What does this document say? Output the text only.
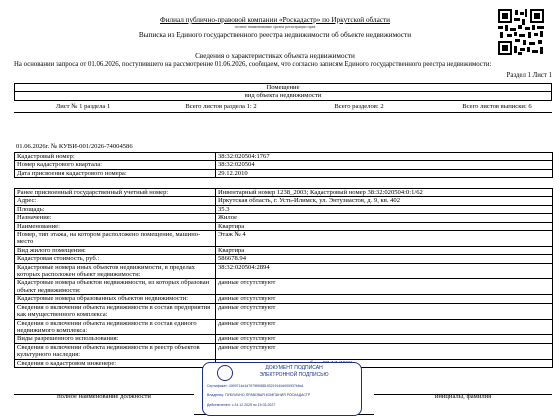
Филиал публично-правовой компании «Роскадастр» по Иркутской области
полное наименование органа регистрации прав
Выписка из Единого государственного реестра недвижимости об объекте недвижимости
Сведения о характеристиках объекта недвижимости
На основании запроса от 01.06.2026, поступившего на рассмотрение 01.06.2026, сообщаем, что согласно записям Единого государственного реестра недвижимости:
Раздел 1 Лист 1
Помещение
вид объекта недвижимости
Лист № 1 раздела 1	Всего листов раздела 1: 2	Всего разделов: 2	Всего листов выписки: 6
01.06.2026г. № КУВИ-001/2026-74004586
Кадастровый номер:	38:32:020504:1767
Номер кадастрового квартала:	38:32:020504
Дата присвоения кадастрового номера:	29.12.2010
Ранее присвоенный государственный учетный номер:	Инвентарный номер 1238_2003; Кадастровый номер 38:32:020504:0:1/62
Адрес:	Иркутская область, г. Усть-Илимск, ул. Энтузиастов, д. 9, кв. 402
Площадь:	35.3
Назначение:	Жилое
Наименование:	Квартира
Номер, тип этажа, на котором расположено помещение, машино-место	Этаж № 4
Вид жилого помещения:	Квартира
Кадастровая стоимость, руб.:	586678.94
Кадастровые номера иных объектов недвижимости, в пределах которых расположен объект недвижимости:	38:32:020504:2894
Кадастровые номера объектов недвижимости, из которых образован объект недвижимости:	данные отсутствуют
Кадастровые номера образованных объектов недвижимости:	данные отсутствуют
Сведения о включении объекта недвижимости в состав предприятия как имущественного комплекса:	данные отсутствуют
Сведения о включении объекта недвижимости в состав единого недвижимого комплекса:	данные отсутствуют
Виды разрешенного использования:	данные отсутствуют
Сведения о включении объекта недвижимости в реестр объектов культурного наследия:	данные отсутствуют
Сведения о кадастровом инженере:	
полное наименование должности	инициалы, фамилия
ДОКУМЕНТ ПОДПИСАН
ЭЛЕКТРОННОЙ ПОДПИСЬЮ
Сертификат: 4399714d1d7979f9088193219140d000937b6a1
Владелец: ПУБЛИЧНО-ПРАВОВАЯ КОМПАНИЯ РОСКАДАСТР
Действителен: с 24.12.2025 по 19.03.2027
